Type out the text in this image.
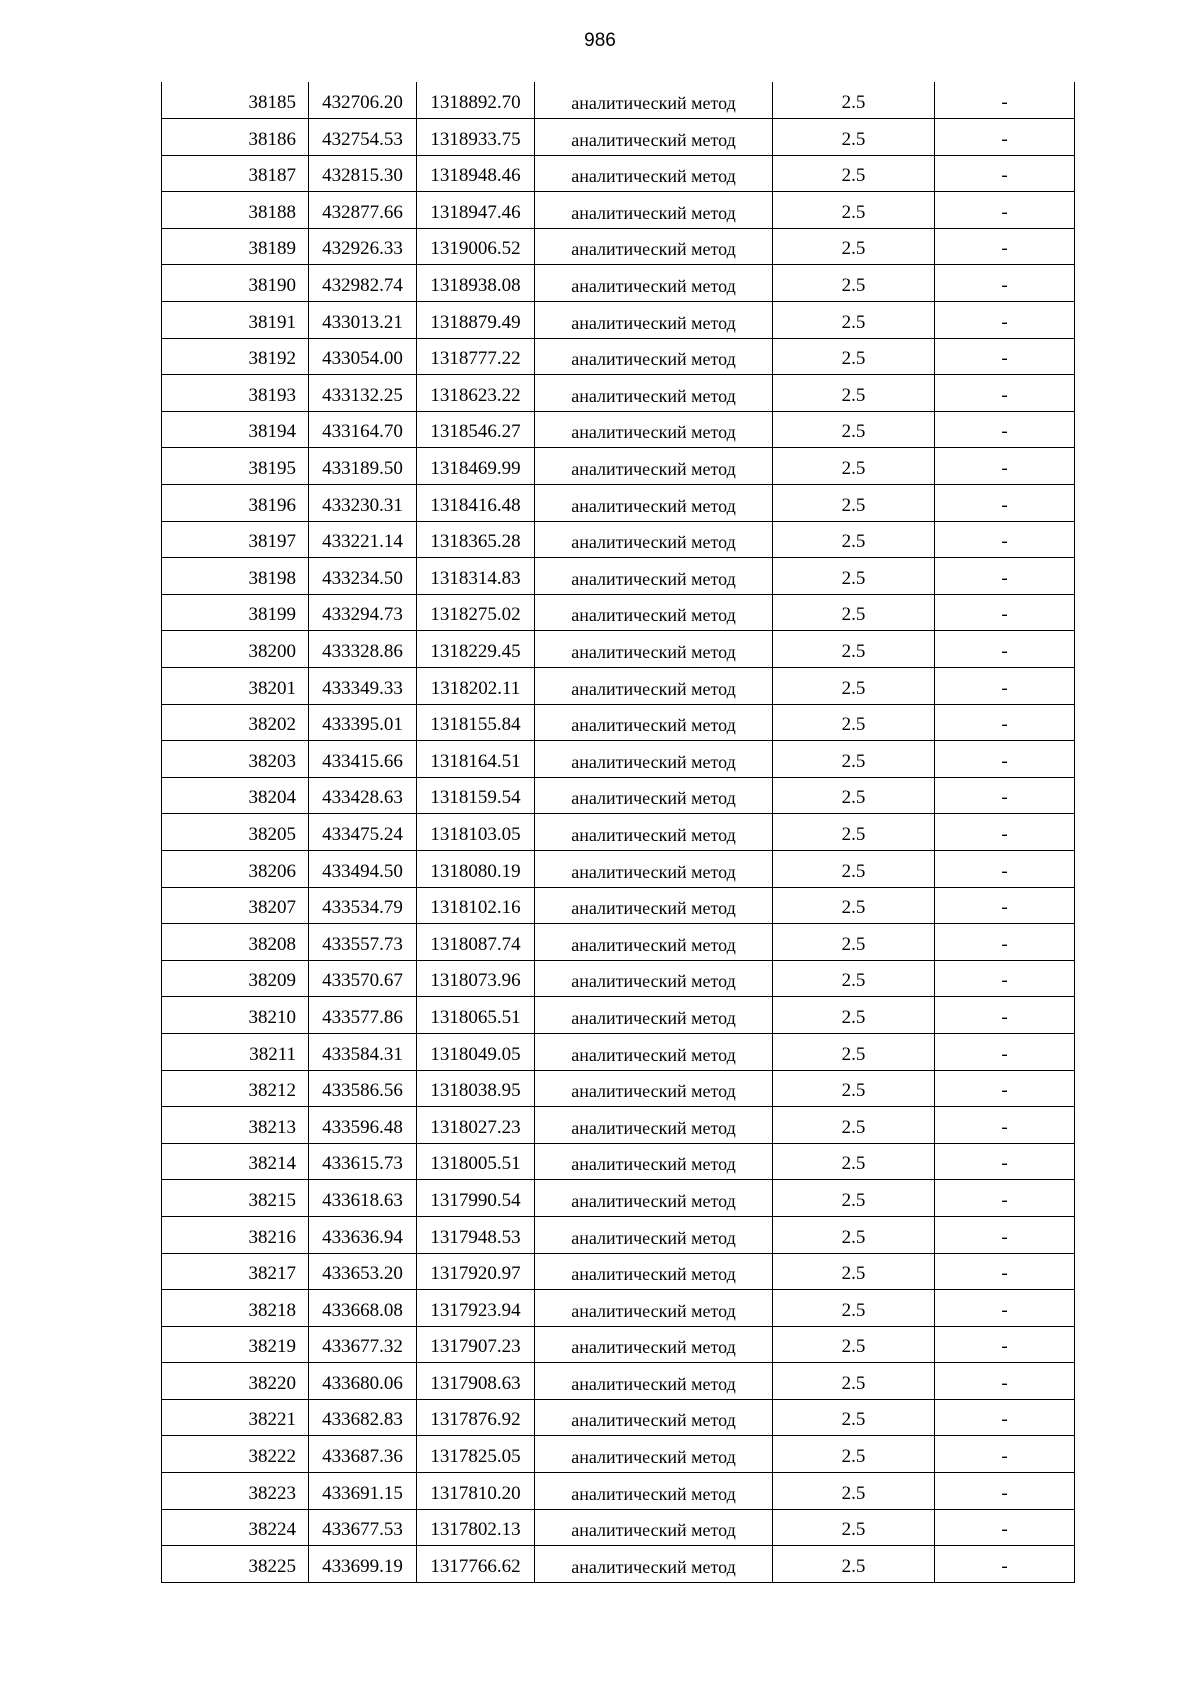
986
38185	432706.20	1318892.70	аналитический метод	2.5	-
38186	432754.53	1318933.75	аналитический метод	2.5	-
38187	432815.30	1318948.46	аналитический метод	2.5	-
38188	432877.66	1318947.46	аналитический метод	2.5	-
38189	432926.33	1319006.52	аналитический метод	2.5	-
38190	432982.74	1318938.08	аналитический метод	2.5	-
38191	433013.21	1318879.49	аналитический метод	2.5	-
38192	433054.00	1318777.22	аналитический метод	2.5	-
38193	433132.25	1318623.22	аналитический метод	2.5	-
38194	433164.70	1318546.27	аналитический метод	2.5	-
38195	433189.50	1318469.99	аналитический метод	2.5	-
38196	433230.31	1318416.48	аналитический метод	2.5	-
38197	433221.14	1318365.28	аналитический метод	2.5	-
38198	433234.50	1318314.83	аналитический метод	2.5	-
38199	433294.73	1318275.02	аналитический метод	2.5	-
38200	433328.86	1318229.45	аналитический метод	2.5	-
38201	433349.33	1318202.11	аналитический метод	2.5	-
38202	433395.01	1318155.84	аналитический метод	2.5	-
38203	433415.66	1318164.51	аналитический метод	2.5	-
38204	433428.63	1318159.54	аналитический метод	2.5	-
38205	433475.24	1318103.05	аналитический метод	2.5	-
38206	433494.50	1318080.19	аналитический метод	2.5	-
38207	433534.79	1318102.16	аналитический метод	2.5	-
38208	433557.73	1318087.74	аналитический метод	2.5	-
38209	433570.67	1318073.96	аналитический метод	2.5	-
38210	433577.86	1318065.51	аналитический метод	2.5	-
38211	433584.31	1318049.05	аналитический метод	2.5	-
38212	433586.56	1318038.95	аналитический метод	2.5	-
38213	433596.48	1318027.23	аналитический метод	2.5	-
38214	433615.73	1318005.51	аналитический метод	2.5	-
38215	433618.63	1317990.54	аналитический метод	2.5	-
38216	433636.94	1317948.53	аналитический метод	2.5	-
38217	433653.20	1317920.97	аналитический метод	2.5	-
38218	433668.08	1317923.94	аналитический метод	2.5	-
38219	433677.32	1317907.23	аналитический метод	2.5	-
38220	433680.06	1317908.63	аналитический метод	2.5	-
38221	433682.83	1317876.92	аналитический метод	2.5	-
38222	433687.36	1317825.05	аналитический метод	2.5	-
38223	433691.15	1317810.20	аналитический метод	2.5	-
38224	433677.53	1317802.13	аналитический метод	2.5	-
38225	433699.19	1317766.62	аналитический метод	2.5	-
